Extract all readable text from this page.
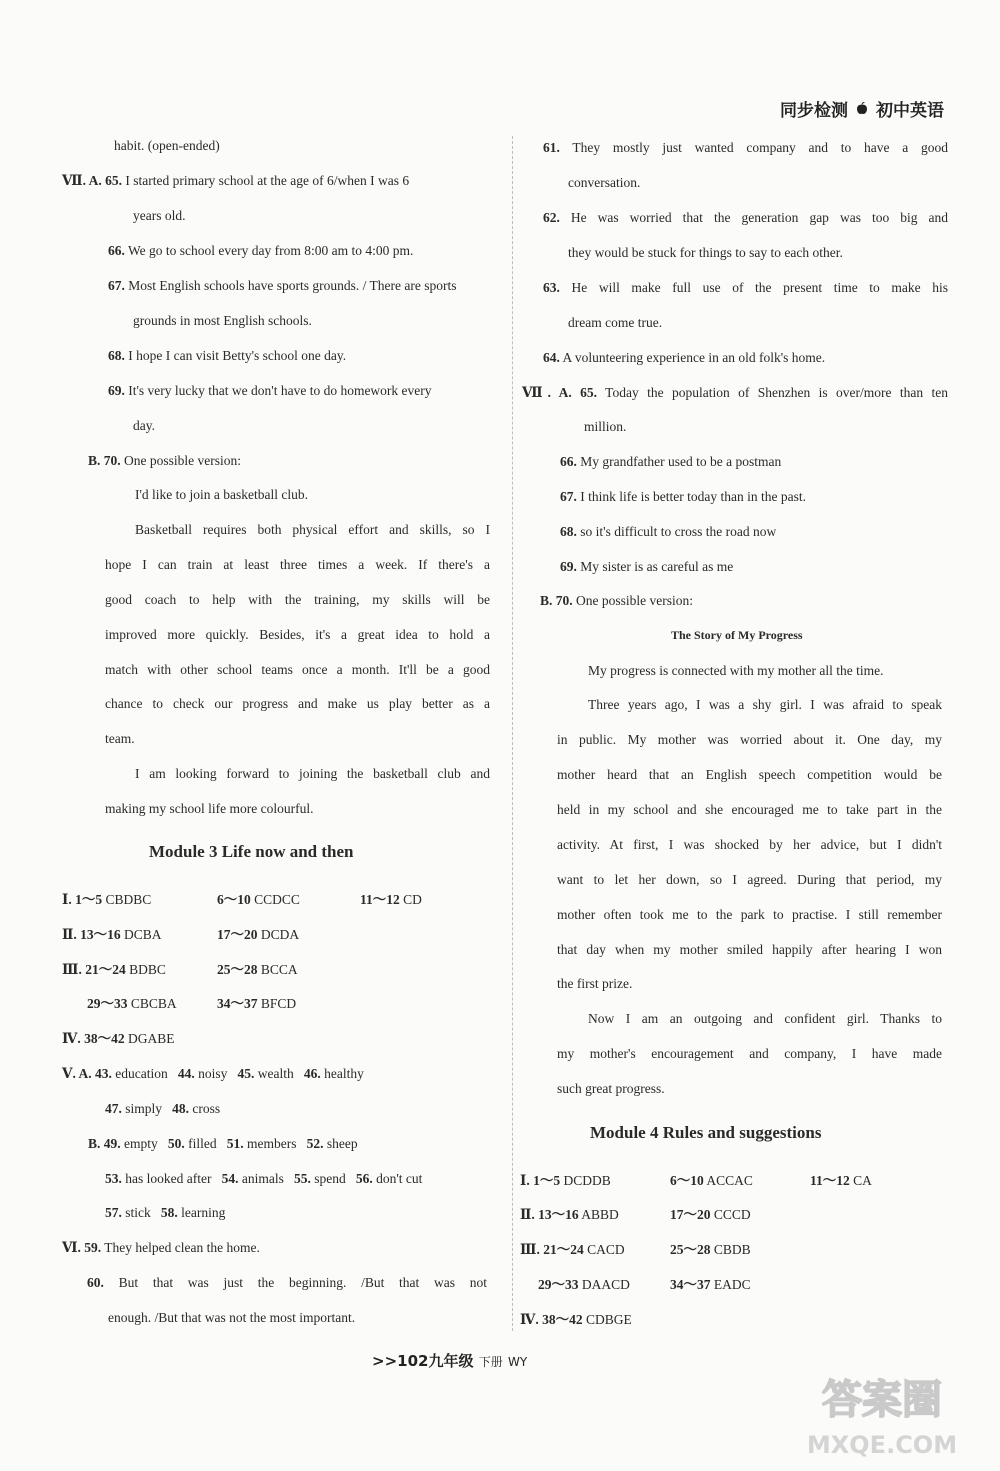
同步检测 初中英语
habit. (open-ended)
Ⅶ. A. 65. I started primary school at the age of 6/when I was 6
years old.
66. We go to school every day from 8:00 am to 4:00 pm.
67. Most English schools have sports grounds. / There are sports
grounds in most English schools.
68. I hope I can visit Betty's school one day.
69. It's very lucky that we don't have to do homework every
day.
B. 70. One possible version:
I'd like to join a basketball club.
Basketball requires both physical effort and skills, so I
hope I can train at least three times a week. If there's a
good coach to help with the training, my skills will be
improved more quickly. Besides, it's a great idea to hold a
match with other school teams once a month. It'll be a good
chance to check our progress and make us play better as a
team.
I am looking forward to joining the basketball club and
making my school life more colourful.
Module 3 Life now and then
Ⅰ. 1～5 CBDBC	6～10 CCDCC	11～12 CD
Ⅱ. 13～16 DCBA	17～20 DCDA
Ⅲ. 21～24 BDBC	25～28 BCCA
29～33 CBCBA	34～37 BFCD
Ⅳ. 38～42 DGABE
Ⅴ. A. 43. education 44. noisy 45. wealth 46. healthy
47. simply 48. cross
B. 49. empty 50. filled 51. members 52. sheep
53. has looked after 54. animals 55. spend 56. don't cut
57. stick 58. learning
Ⅵ. 59. They helped clean the home.
60. But that was just the beginning. /But that was not
enough. /But that was not the most important.
61. They mostly just wanted company and to have a good
conversation.
62. He was worried that the generation gap was too big and
they would be stuck for things to say to each other.
63. He will make full use of the present time to make his
dream come true.
64. A volunteering experience in an old folk's home.
Ⅶ. A. 65. Today the population of Shenzhen is over/more than ten
million.
66. My grandfather used to be a postman
67. I think life is better today than in the past.
68. so it's difficult to cross the road now
69. My sister is as careful as me
B. 70. One possible version:
The Story of My Progress
My progress is connected with my mother all the time.
Three years ago, I was a shy girl. I was afraid to speak
in public. My mother was worried about it. One day, my
mother heard that an English speech competition would be
held in my school and she encouraged me to take part in the
activity. At first, I was shocked by her advice, but I didn't
want to let her down, so I agreed. During that period, my
mother often took me to the park to practise. I still remember
that day when my mother smiled happily after hearing I won
the first prize.
Now I am an outgoing and confident girl. Thanks to
my mother's encouragement and company, I have made
such great progress.
Module 4 Rules and suggestions
Ⅰ. 1～5 DCDDB	6～10 ACCAC	11～12 CA
Ⅱ. 13～16 ABBD	17～20 CCCD
Ⅲ. 21～24 CACD	25～28 CBDB
29～33 DAACD	34～37 EADC
Ⅳ. 38～42 CDBGE
>>102九年级 下册 WY
答案圈
MXQE.COM
